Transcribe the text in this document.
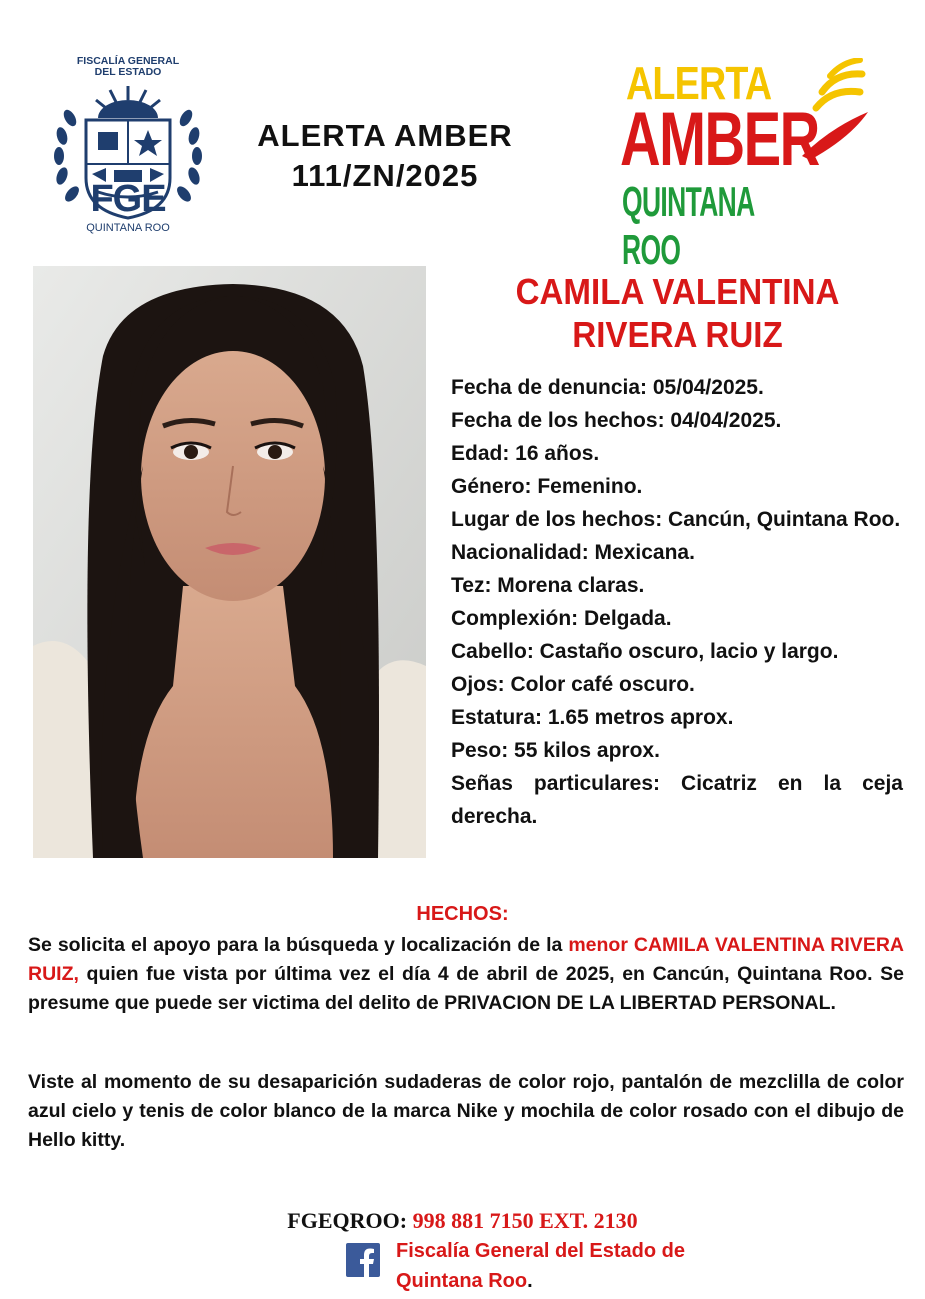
FISCALÍA GENERAL
DEL ESTADO
FGE
QUINTANA ROO
ALERTA AMBER
111/ZN/2025
ALERTA
AMBER
QUINTANA ROO
CAMILA VALENTINA
RIVERA RUIZ
Fecha de denuncia: 05/04/2025.
Fecha de los hechos: 04/04/2025.
Edad: 16 años.
Género: Femenino.
Lugar de los hechos: Cancún, Quintana Roo.
Nacionalidad: Mexicana.
Tez: Morena claras.
Complexión: Delgada.
Cabello: Castaño oscuro, lacio y largo.
Ojos: Color café oscuro.
Estatura: 1.65 metros aprox.
Peso: 55 kilos aprox.
Señas particulares: Cicatriz en la ceja derecha.
HECHOS:
Se solicita el apoyo para la búsqueda y localización de la menor CAMILA VALENTINA RIVERA RUIZ, quien fue vista por última vez el día 4 de abril de 2025, en Cancún, Quintana Roo. Se presume que puede ser victima del delito de PRIVACION DE LA LIBERTAD PERSONAL.
Viste al momento de su desaparición sudaderas de color rojo, pantalón de mezclilla de color azul cielo y tenis de color blanco de la marca Nike y mochila de color rosado con el dibujo de Hello kitty.
FGEQROO: 998 881 7150 EXT. 2130
Fiscalía General del Estado de
Quintana Roo.
